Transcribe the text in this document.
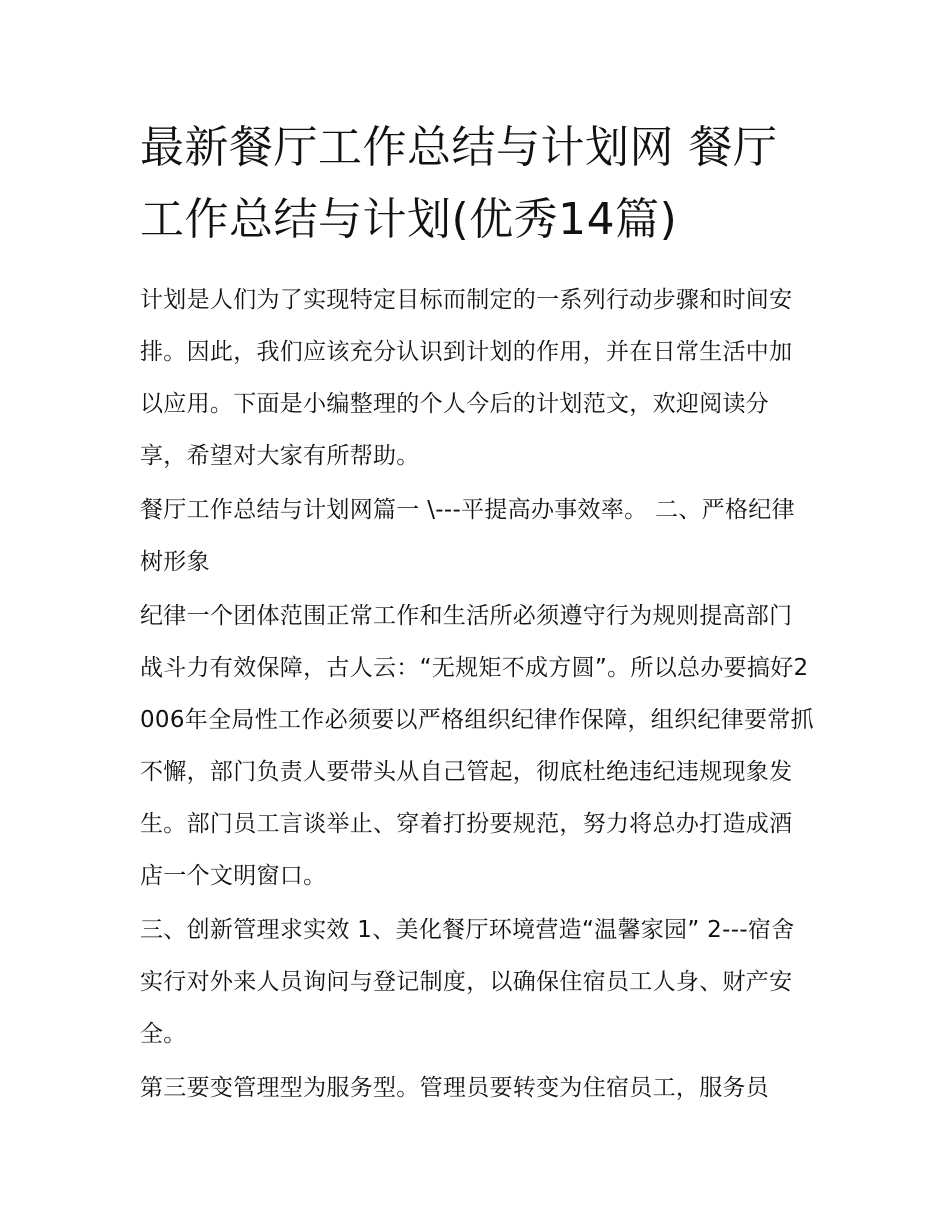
最新餐厅工作总结与计划网 餐厅工作总结与计划(优秀14篇)

计划是人们为了实现特定目标而制定的一系列行动步骤和时间安排。因此，我们应该充分认识到计划的作用，并在日常生活中加以应用。下面是小编整理的个人今后的计划范文，欢迎阅读分享，希望对大家有所帮助。

餐厅工作总结与计划网篇一 \---平提高办事效率。 二、严格纪律树形象

纪律一个团体范围正常工作和生活所必须遵守行为规则提高部门战斗力有效保障，古人云：“无规矩不成方圆”。所以总办要搞好2006年全局性工作必须要以严格组织纪律作保障，组织纪律要常抓不懈，部门负责人要带头从自己管起，彻底杜绝违纪违规现象发生。部门员工言谈举止、穿着打扮要规范，努力将总办打造成酒店一个文明窗口。

三、创新管理求实效 1、美化餐厅环境营造“温馨家园” 2---宿舍实行对外来人员询问与登记制度，以确保住宿员工人身、财产安全。

第三要变管理型为服务型。管理员要转变为住宿员工，服务员
